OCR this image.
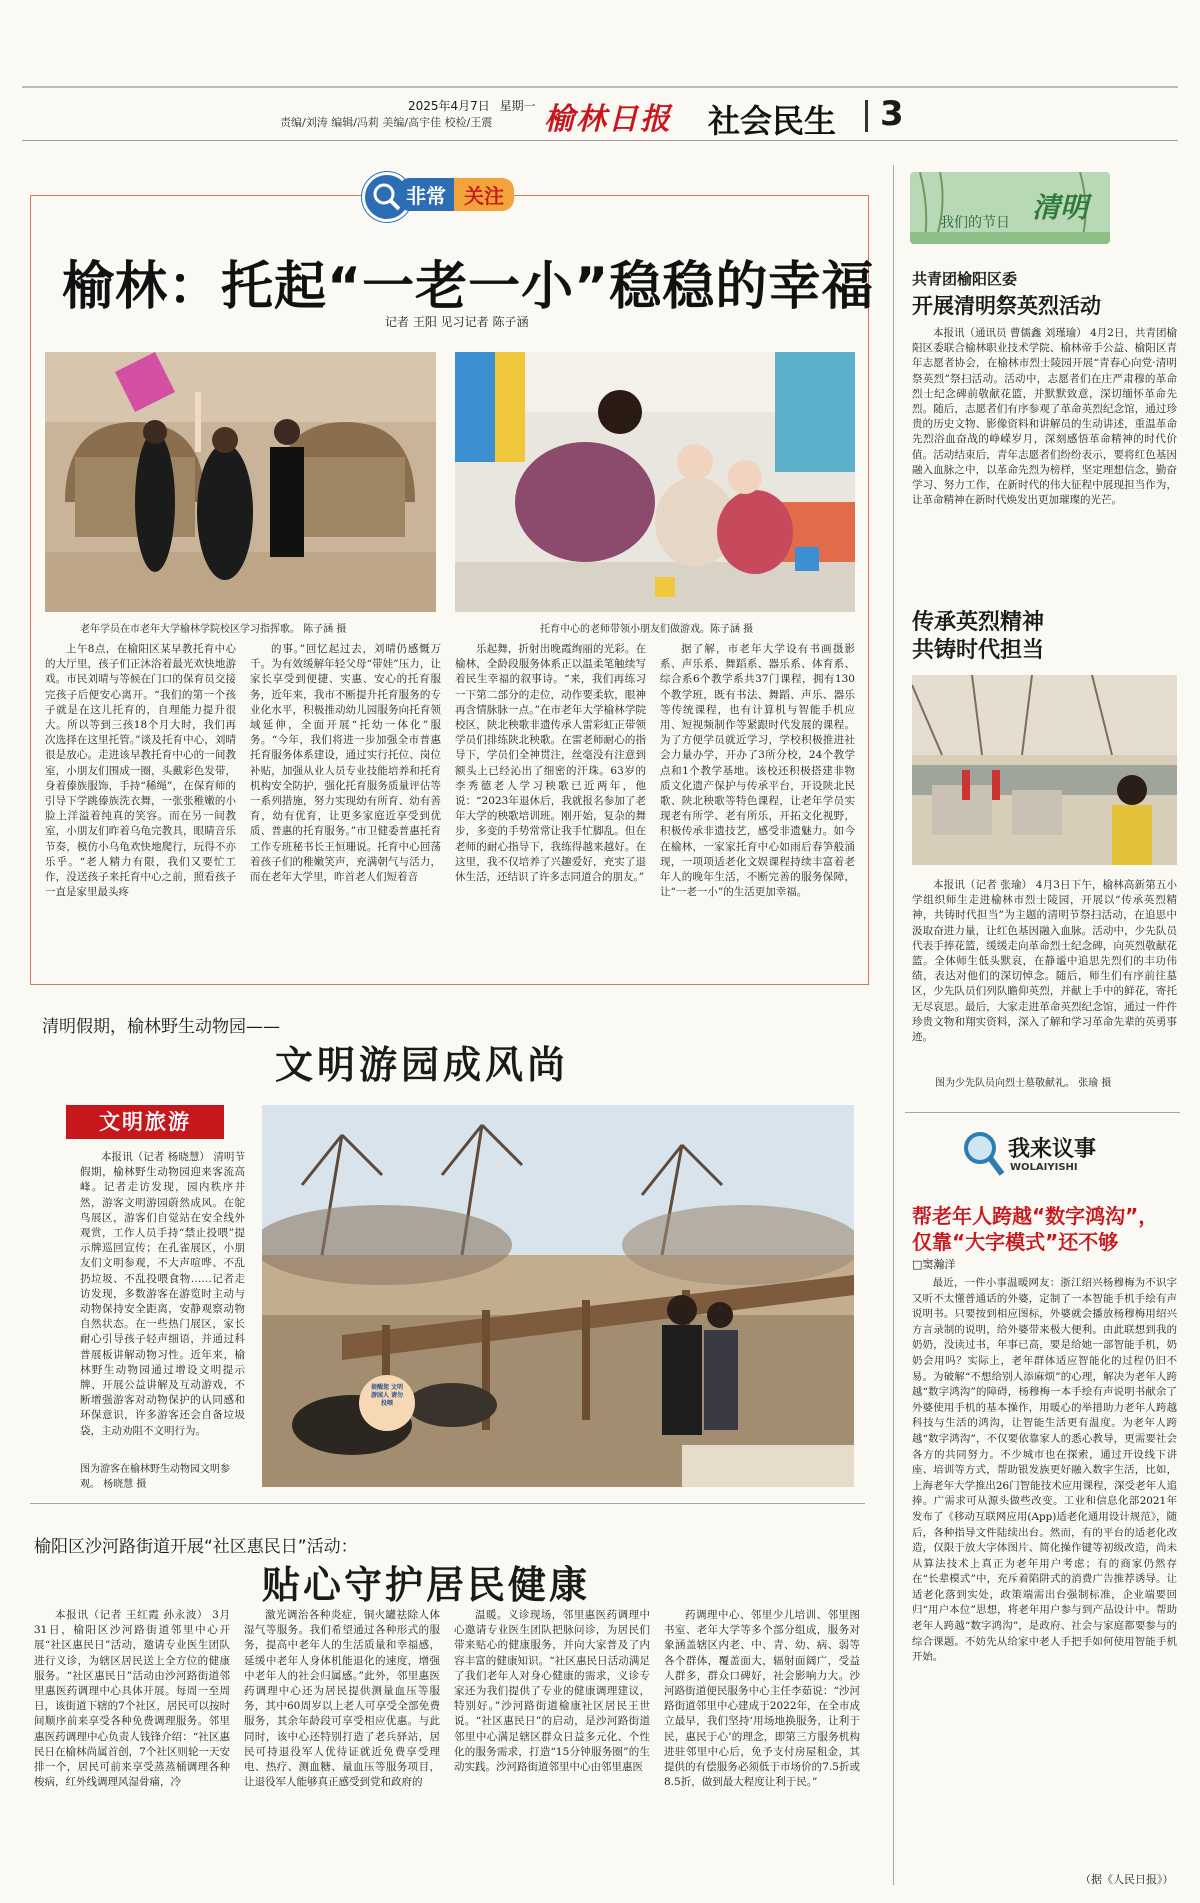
2025年4月7日 星期一
责编/刘涛 编辑/冯莉 美编/高宇佳 校检/王震 榆林日报 社会民生 3
非常 关注
榆林：托起“一老一小”稳稳的幸福
记者 王阳 见习记者 陈子涵
老年学员在市老年大学榆林学院校区学习指挥歌。 陈子涵 摄	托育中心的老师带领小朋友们做游戏。陈子涵 摄

上午8点，在榆阳区某早教托育中心的大厅里，孩子们正沐浴着最光欢快地游戏。市民刘晴与等候在门口的保育员交接完孩子后便安心离开。“我们的第一个孩子就是在这儿托育的，自理能力提升很大。所以等到三孩18个月大时，我们再次选择在这里托管。”谈及托育中心，刘晴很是放心。走进该早教托育中心的一间教室，小朋友们围成一圈，头戴彩色发带，身着傣族服饰，手持“稀绳”，在保育师的引导下学跳傣族洗衣舞，一张张稚嫩的小脸上洋溢着纯真的笑容。而在另一间教室，小朋友们昨着乌龟完教具，眼睛音乐节奏，模仿小乌龟欢快地爬行，玩得不亦乐乎。“老人精力有限，我们又要忙工作，没送孩子来托育中心之前，照看孩子一直是家里最头疼

的事。”回忆起过去，刘晴仍感慨万千。为有效缓解年轻父母“带娃”压力，让家长享受到便捷、实惠、安心的托育服务，近年来，我市不断提升托育服务的专业化水平，积极推动幼儿园服务向托育领域延伸，全面开展“托幼一体化”服务。“今年，我们将进一步加强全市普惠托育服务体系建设，通过实行托位、岗位补贴，加强从业人员专业技能培养和托育机构安全防护，强化托育服务质量评估等一系列措施，努力实现幼有所育、幼有善育，幼有优育，让更多家庭近享受到优质、普惠的托育服务。”市卫健委普惠托育工作专班秘书长王恒珊说。托育中心回荡着孩子们的稚嫩笑声，充满朝气与活力，而在老年大学里，昨首老人们短着音

乐起舞，折射出晚霞绚丽的光彩。在榆林，全龄段服务体系正以温柔笔触续写着民生幸福的叙事诗。“来，我们再练习一下第二部分的走位，动作要柔软，眼神再含情脉脉一点。”在市老年大学榆林学院校区，陕北秧歌非遗传承人雷彩虹正带领学员们排练陕北秧歌。在雷老师耐心的指导下，学员们全神贯注，丝毫没有注意到额头上已经沁出了细密的汗珠。63岁的李秀德老人学习秧歌已近两年，他说：“2023年退休后，我就报名参加了老年大学的秧歌培训班。刚开始，复杂的舞步，多变的手势常常让我手忙脚乱。但在老师的耐心指导下，我练得越来越好。在这里，我不仅培养了兴趣爱好，充实了退休生活，还结识了许多志同道合的朋友。”

据了解，市老年大学设有书画摄影系、声乐系、舞蹈系、器乐系、体育系、综合系6个教学系共37门课程，拥有130个教学班，既有书法、舞蹈、声乐、器乐等传统课程，也有计算机与智能手机应用、短视频制作等紧跟时代发展的课程。为了方便学员就近学习，学校积极推进社会力量办学，开办了3所分校，24个教学点和1个教学基地。该校还积极搭建非物质文化遗产保护与传承平台，开设陕北民歌、陕北秧歌等特色课程，让老年学员实现老有所学、老有所乐，开拓文化视野，积极传承非遗技艺，感受非遗魅力。如今在榆林，一家家托育中心如雨后春笋般涌现，一项项适老化文娱课程持续丰富着老年人的晚年生活，不断完善的服务保障，让“一老一小”的生活更加幸福。

我们的节日 清明
共青团榆阳区委
开展清明祭英烈活动

本报讯（通讯员 曹儒鑫 刘瑾瑜） 4月2日，共青团榆阳区委联合榆林职业技术学院、榆林帝手公益、榆阳区青年志愿者协会，在榆林市烈士陵园开展“青春心向党·清明祭英烈”祭扫活动。活动中，志愿者们在庄严肃穆的革命烈士纪念碑前敬献花篮，并默默致意，深切缅怀革命先烈。随后，志愿者们有序参观了革命英烈纪念馆，通过珍贵的历史文物、影像资料和讲解员的生动讲述，重温革命先烈浴血奋战的峥嵘岁月，深刻感悟革命精神的时代价值。活动结束后，青年志愿者们纷纷表示，要将红色基因融入血脉之中，以革命先烈为榜样，坚定理想信念，勤奋学习、努力工作，在新时代的伟大征程中展现担当作为，让革命精神在新时代焕发出更加璀璨的光芒。

传承英烈精神
共铸时代担当

本报讯（记者 张瑜） 4月3日下午，榆林高新第五小学组织师生走进榆林市烈士陵园，开展以“传承英烈精神，共铸时代担当”为主题的清明节祭扫活动，在追思中汲取奋进力量，让红色基因融入血脉。活动中，少先队员代表手捧花篮，缓缓走向革命烈士纪念碑，向英烈敬献花篮。全体师生低头默哀，在静谧中追思先烈们的丰功伟绩，表达对他们的深切悼念。随后，师生们有序前往墓区，少先队员们列队瞻仰英烈，并献上手中的鲜花，寄托无尽哀思。最后，大家走进革命英烈纪念馆，通过一件件珍贵文物和翔实资料，深入了解和学习革命先辈的英勇事迹。

图为少先队员向烈士墓敬献礼。 张瑜 摄
我来议事
WOLAIYISHI
帮老年人跨越“数字鸿沟”，
仅靠“大字模式”还不够
□窦瀚洋

最近，一件小事温暖网友：浙江绍兴杨穆梅为不识字又听不太懂普通话的外婆，定制了一本智能手机手绘有声说明书。只要按到相应图标，外婆就会播放杨穆梅用绍兴方言录制的说明，给外婆带来极大便利。由此联想到我的奶奶，没读过书，年事已高，要是给她一部智能手机，奶奶会用吗？实际上，老年群体适应智能化的过程仍旧不易。为破解“不想给别人添麻烦”的心理，解决为老年人跨越“数字鸿沟”的障碍，杨穆梅一本手绘有声说明书献余了外婆使用手机的基本操作，用暖心的举措助力老年人跨越科技与生活的鸿沟，让智能生活更有温度。为老年人跨越“数字鸿沟”，不仅要依靠家人的悉心教导，更需要社会各方的共同努力。不少城市也在探索，通过开设线下讲座、培训等方式，帮助银发族更好融入数字生活，比如，上海老年大学推出26门智能技术应用课程，深受老年人追捧。广需求可从源头做些改变。工业和信息化部2021年发布了《移动互联网应用(App)适老化通用设计规范》，随后，各种指导文件陆续出台。然而，有的平台的适老化改造，仅限于放大字体图片、简化操作键等初级改造，尚未从算法技术上真正为老年用户考虑；有的商家仍然存在“长辈模式”中，充斥着陷阱式的消费广告推荐诱导。让适老化落到实处，政策端需出台强制标准，企业端要回归“用户本位”思想，将老年用户参与到产品设计中。帮助老年人跨越“数字鸿沟”，是政府、社会与家庭都要参与的综合课题。不妨先从给家中老人手把手如何使用智能手机开始。

（据《人民日报》）
清明假期，榆林野生动物园——
文明游园成风尚
文明旅游

本报讯（记者 杨晓慧） 清明节假期，榆林野生动物园迎来客流高峰。记者走访发现，园内秩序井然，游客文明游园蔚然成风。在鸵鸟展区，游客们自觉站在安全线外观赏，工作人员手持“禁止投喂”提示牌巡回宣传；在孔雀展区，小朋友们文明参观，不大声喧哗、不乱扔垃圾、不乱投喂食物……记者走访发现，多数游客在游览时主动与动物保持安全距离，安静观察动物自然状态。在一些热门展区，家长耐心引导孩子轻声细语，并通过科普展板讲解动物习性。近年来，榆林野生动物园通过增设文明提示牌、开展公益讲解及互动游戏，不断增强游客对动物保护的认同感和环保意识，许多游客还会自备垃圾袋，主动劝阻不文明行为。

图为游客在榆林野生动物园文明参观。 杨晓慧 摄
提醒您 文明游园人 请勿投喂
榆阳区沙河路街道开展“社区惠民日”活动：
贴心守护居民健康

本报讯（记者 王红霞 孙永波） 3月31日，榆阳区沙河路街道邻里中心开展“社区惠民日”活动，邀请专业医生团队进行义诊，为辖区居民送上全方位的健康服务。“社区惠民日”活动由沙河路街道邻里惠医药调理中心具体开展。每周一至周日，该街道下辖的7个社区，居民可以按时间顺序前来享受各种免费调理服务。邻里惠医药调理中心负责人钱锋介绍：“社区惠民日在榆林尚属首创，7个社区则轮一天安排一个，居民可前来享受蒸蒸桶调理各种梭病，红外线调理风湿骨痛，冷

激光调治各种炎症，铜火罐祛除人体湿气等服务。我们希望通过各种形式的服务，提高中老年人的生活质量和幸福感，延缓中老年人身体机能退化的速度，增强中老年人的社会归属感。”此外，邻里惠医药调理中心还为居民提供测量血压等服务，其中60周岁以上老人可享受全部免费服务，其余年龄段可享受相应优惠。与此同时，该中心还特别打造了老兵驿站，居民可持退役军人优待证就近免费享受理电、热疗、测血糖、量血压等服务项目，让退役军人能够真正感受到党和政府的

温暖。义诊现场，邻里惠医药调理中心邀请专业医生团队把脉问诊，为居民们带来贴心的健康服务，并向大家普及了内容丰富的健康知识。“社区惠民日活动满足了我们老年人对身心健康的需求，义诊专家还为我们提供了专业的健康调理建议，特别好。”沙河路街道榆康社区居民王世说。“社区惠民日”的启动，是沙河路街道邻里中心满足辖区群众日益多元化、个性化的服务需求，打造“15分钟服务圈”的生动实践。沙河路街道邻里中心由邻里惠医

药调理中心、邻里少儿培训、邻里图书室、老年大学等多个部分组成，服务对象涵盖辖区内老、中、青、幼、病、弱等各个群体，覆盖面大，辐射面阔广，受益人群多，群众口碑好，社会影响力大。沙河路街道便民服务中心主任李茹说：“沙河路街道邻里中心建成于2022年，在全市成立最早，我们坚持‘用场地换服务，让利于民，惠民于心’的理念，即第三方服务机构进驻邻里中心后，免予支付房屋租金，其提供的有偿服务必须低于市场价的7.5折或8.5折，做到最大程度让利于民。”
